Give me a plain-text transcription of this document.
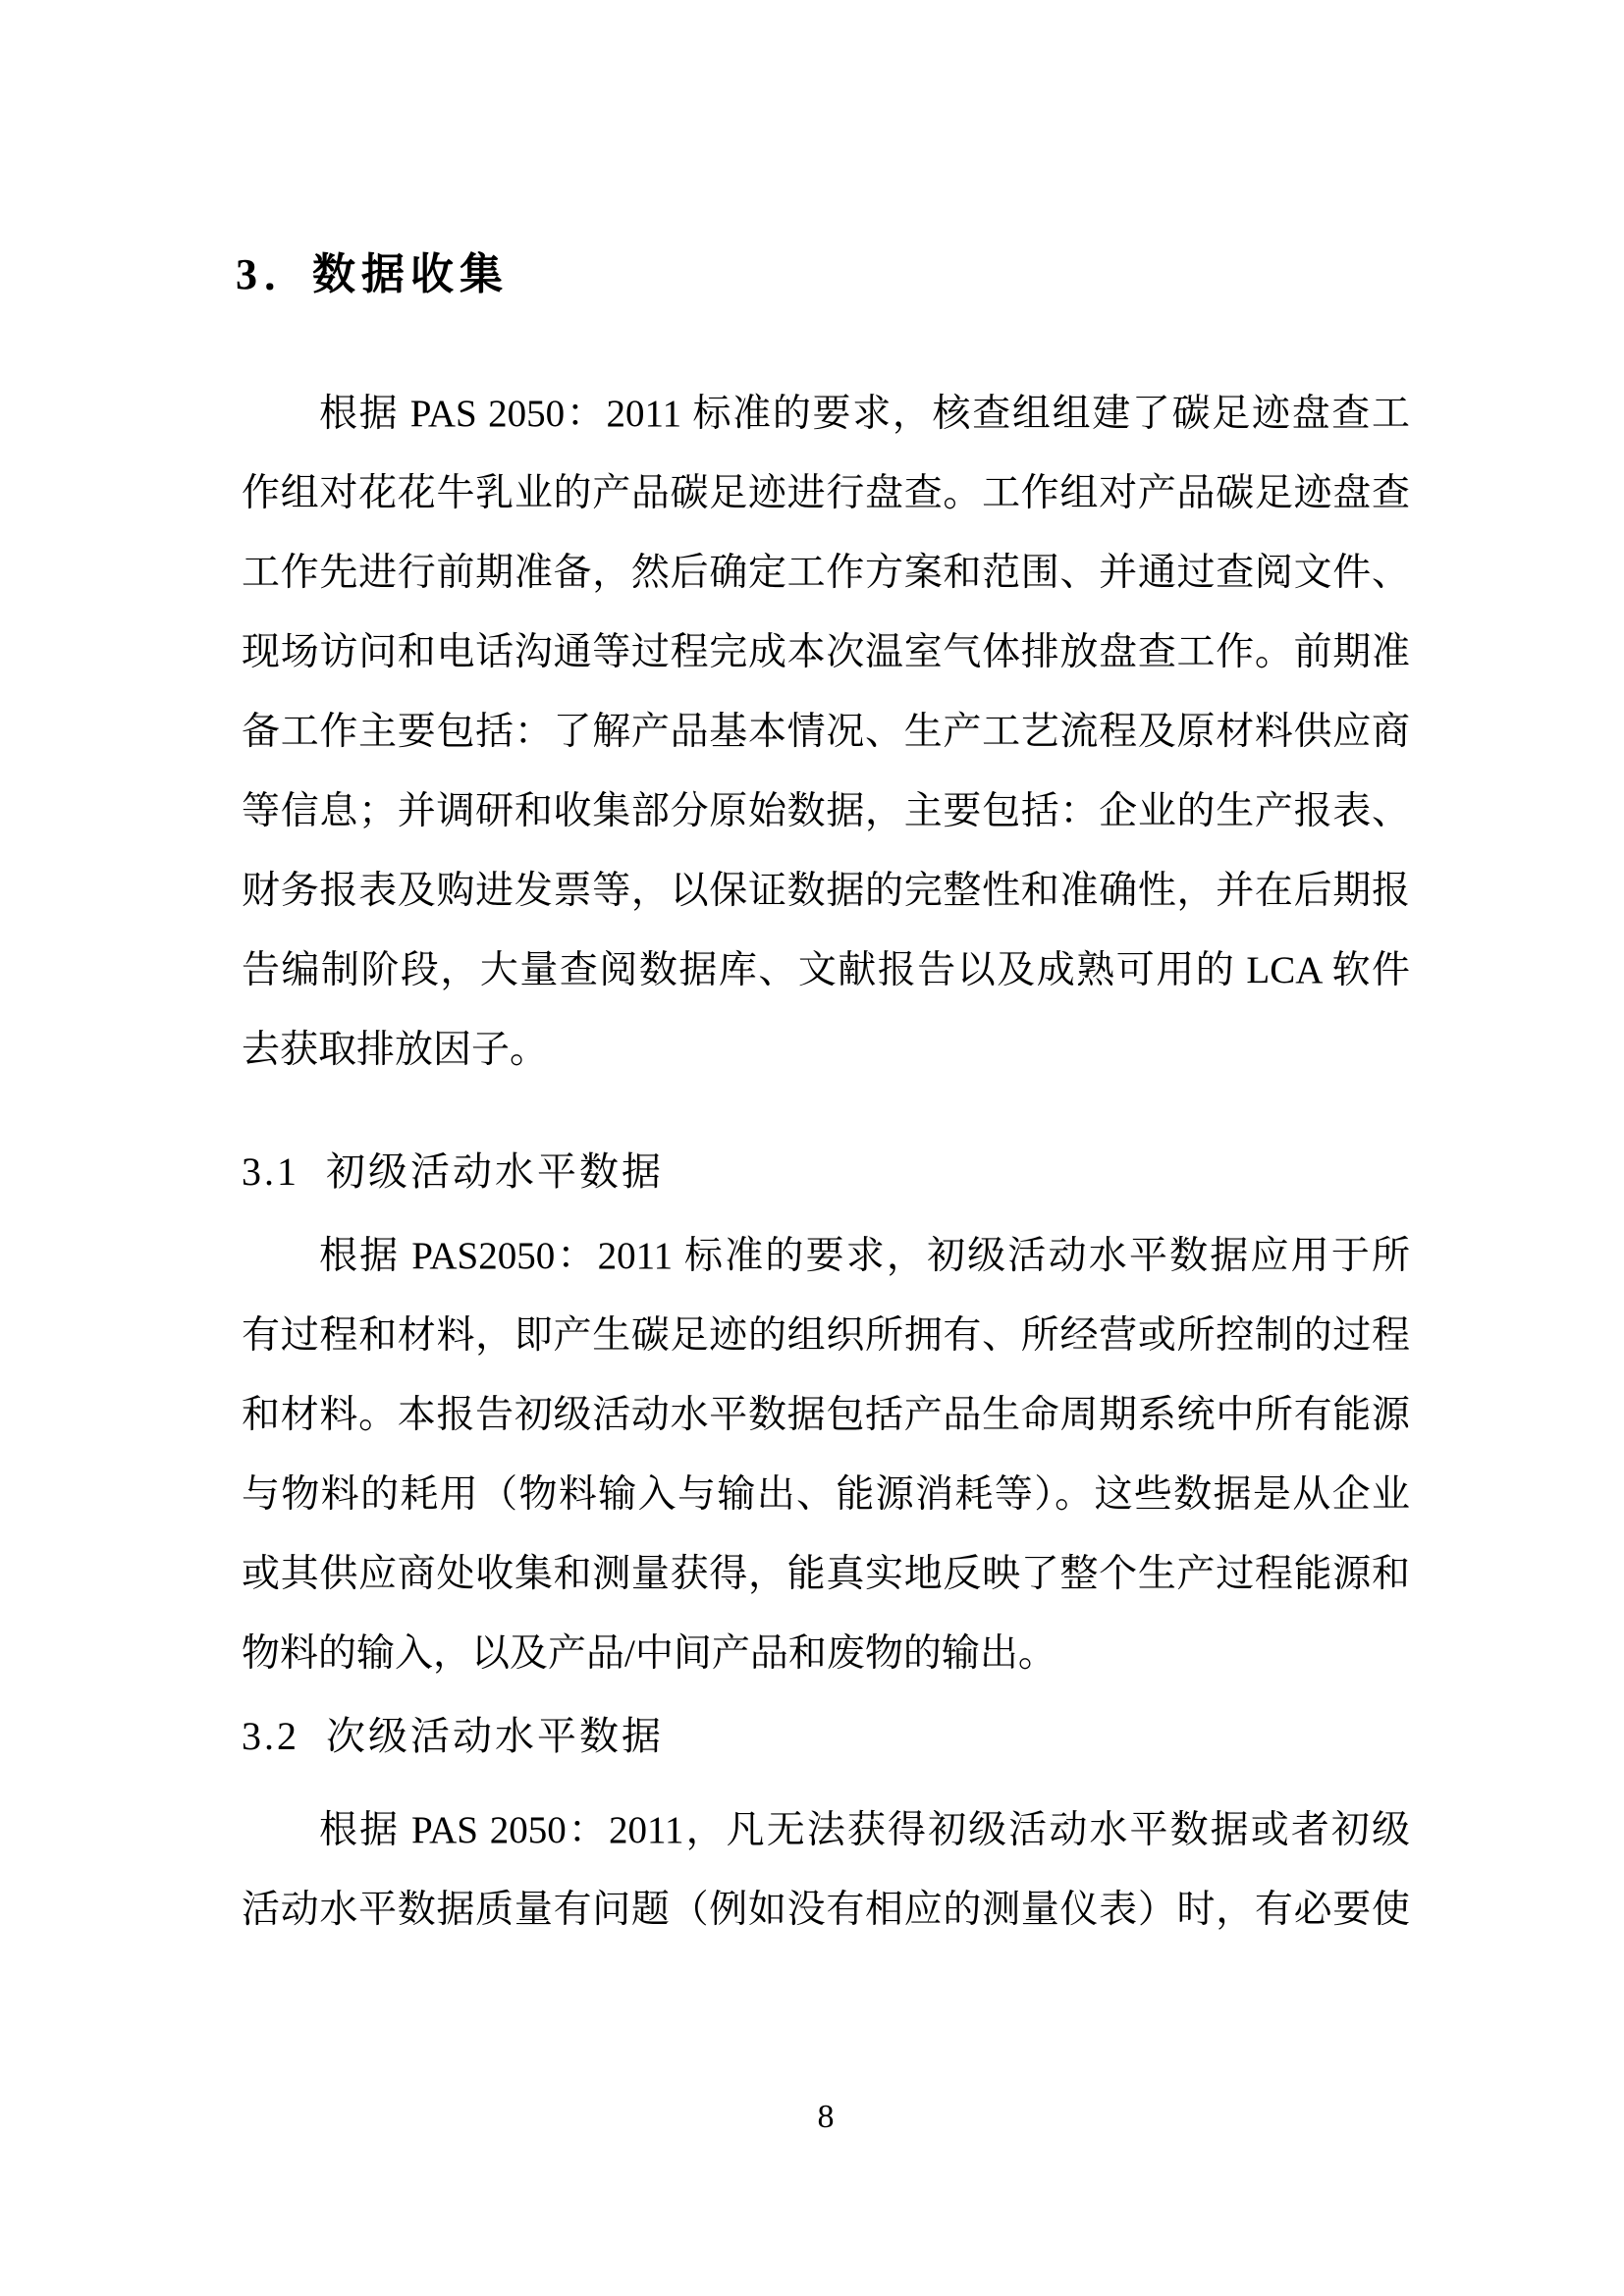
3．数据收集
根据 PAS 2050：2011 标准的要求，核查组组建了碳足迹盘查工
作组对花花牛乳业的产品碳足迹进行盘查。工作组对产品碳足迹盘查
工作先进行前期准备，然后确定工作方案和范围、并通过查阅文件、
现场访问和电话沟通等过程完成本次温室气体排放盘查工作。前期准
备工作主要包括：了解产品基本情况、生产工艺流程及原材料供应商
等信息；并调研和收集部分原始数据，主要包括：企业的生产报表、
财务报表及购进发票等，以保证数据的完整性和准确性，并在后期报
告编制阶段，大量查阅数据库、文献报告以及成熟可用的 LCA 软件
去获取排放因子。
3.1 初级活动水平数据
根据 PAS2050：2011 标准的要求，初级活动水平数据应用于所
有过程和材料，即产生碳足迹的组织所拥有、所经营或所控制的过程
和材料。本报告初级活动水平数据包括产品生命周期系统中所有能源
与物料的耗用（物料输入与输出、能源消耗等）。这些数据是从企业
或其供应商处收集和测量获得，能真实地反映了整个生产过程能源和
物料的输入，以及产品/中间产品和废物的输出。
3.2 次级活动水平数据
根据 PAS 2050：2011，凡无法获得初级活动水平数据或者初级
活动水平数据质量有问题（例如没有相应的测量仪表）时，有必要使
8
